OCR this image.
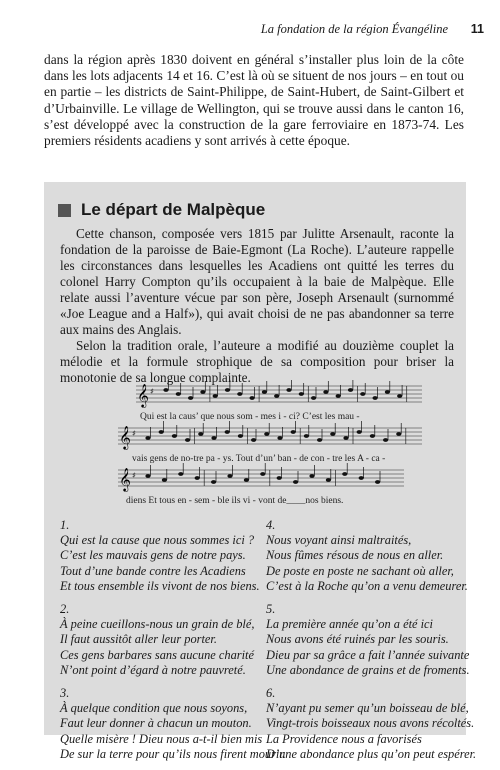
La fondation de la région Évangéline 11

dans la région après 1830 doivent en général s’installer plus loin de la côte dans les lots adjacents 14 et 16. C’est là où se situent de nos jours – en tout ou en partie – les districts de Saint-Philippe, de Saint-Hubert, de Saint-Gilbert et d’Urbainville. Le village de Wellington, qui se trouve aussi dans le canton 16, s’est développé avec la construction de la gare ferroviaire en 1873-74. Les premiers résidents acadiens y sont arrivés à cette époque.

Le départ de Malpèque

Cette chanson, composée vers 1815 par Julitte Arsenault, raconte la fondation de la paroisse de Baie-Egmont (La Roche). L’auteure rappelle les circonstances dans lesquelles les Acadiens ont quitté les terres du colonel Harry Compton qu’ils occupaient à la baie de Malpèque. Elle relate aussi l’aventure vécue par son père, Joseph Arsenault (surnommé «Joe League and a Half»), qui avait choisi de ne pas abandonner sa terre aux mains des Anglais.

Selon la tradition orale, l’auteure a modifié au douzième couplet la mélodie et la formule strophique de sa composition pour briser la monotonie de sa longue complainte.

𝄞 ♯
𝄞 ♯
𝄞 ♯
Qui est la caus’ que nous som - mes i - ci? C’est les mau -
vais gens de no-tre pa - ys. Tout d’un’ ban - de con - tre les A - ca -
diens Et tous en - sem - ble ils vi - vont de____nos biens.
1.
Qui est la cause que nous sommes ici ?
C’est les mauvais gens de notre pays.
Tout d’une bande contre les Acadiens
Et tous ensemble ils vivont de nos biens.
4.
Nous voyant ainsi maltraités,
Nous fûmes résous de nous en aller.
De poste en poste ne sachant où aller,
C’est à la Roche qu’on a venu demeurer.
2.
À peine cueillons-nous un grain de blé,
Il faut aussitôt aller leur porter.
Ces gens barbares sans aucune charité
N’ont point d’égard à notre pauvreté.
5.
La première année qu’on a été ici
Nous avons été ruinés par les souris.
Dieu par sa grâce a fait l’année suivante
Une abondance de grains et de froments.
3.
À quelque condition que nous soyons,
Faut leur donner à chacun un mouton.
Quelle misère ! Dieu nous a-t-il bien mis
De sur la terre pour qu’ils nous firent mourir.
6.
N’ayant pu semer qu’un boisseau de blé,
Vingt-trois boisseaux nous avons récoltés.
La Providence nous a favorisés
D’une abondance plus qu’on peut espérer.
